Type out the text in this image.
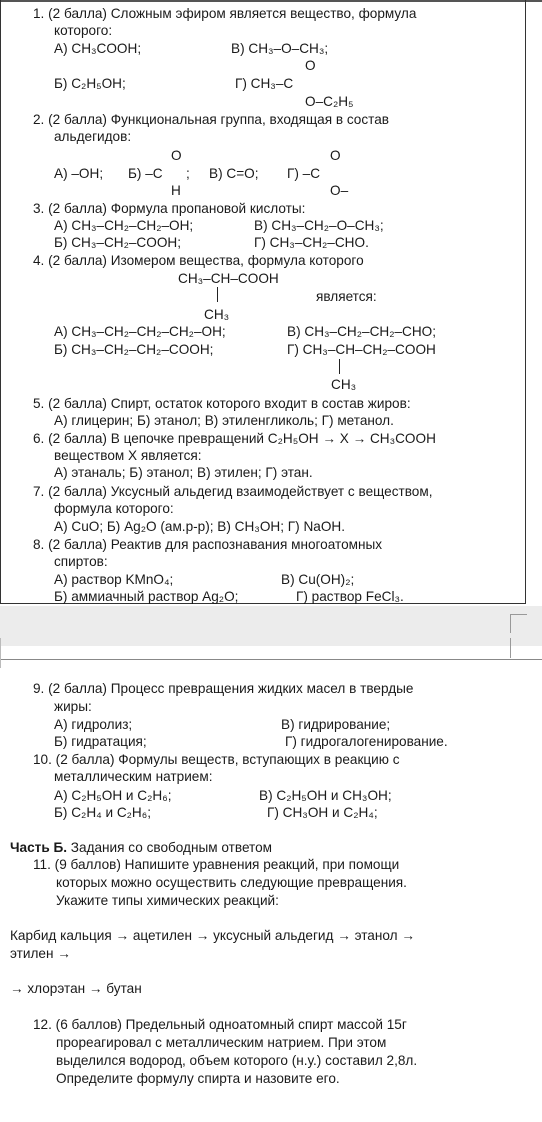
1. (2 балла) Сложным эфиром является вещество, формула
которого:
А) CH₃COOH;	В) CH₃–O–CH₃;
O
Б) C₂H₅OH;	Г) CH₃–C
O–C₂H₅
2. (2 балла) Функциональная группа, входящая в состав
альдегидов:
O	O
А) –OH; Б) –C ; В) C=O; Г) –C
H	O–
3. (2 балла) Формула пропановой кислоты:
А) CH₃–CH₂–CH₂–OH;	В) CH₃–CH₂–O–CH₃;
Б) CH₃–CH₂–COOH;	Г) CH₃–CH₂–CHO.
4. (2 балла) Изомером вещества, формула которого
CH₃–CH–COOH
является:
CH₃
А) CH₃–CH₂–CH₂–CH₂–OH;	В) CH₃–CH₂–CH₂–CHO;
Б) CH₃–CH₂–CH₂–COOH;	Г) CH₃–CH–CH₂–COOH
CH₃
5. (2 балла) Спирт, остаток которого входит в состав жиров:
А) глицерин; Б) этанол; В) этиленгликоль; Г) метанол.
6. (2 балла) В цепочке превращений C₂H₅OH → X → CH₃COOH
веществом X является:
А) этаналь; Б) этанол; В) этилен; Г) этан.
7. (2 балла) Уксусный альдегид взаимодействует с веществом,
формула которого:
А) CuO; Б) Ag₂O (ам.р-р); В) CH₃OH; Г) NaOH.
8. (2 балла) Реактив для распознавания многоатомных
спиртов:
А) раствор KMnO₄;	В) Cu(OH)₂;
Б) аммиачный раствор Ag₂O;	Г) раствор FeCl₃.
9. (2 балла) Процесс превращения жидких масел в твердые
жиры:
А) гидролиз;	В) гидрирование;
Б) гидратация;	Г) гидрогалогенирование.
10. (2 балла) Формулы веществ, вступающих в реакцию с
металлическим натрием:
А) C₂H₅OH и C₂H₆;	В) C₂H₅OH и CH₃OH;
Б) C₂H₄ и C₂H₆;	Г) CH₃OH и C₂H₄;
Часть Б. Задания со свободным ответом
11. (9 баллов) Напишите уравнения реакций, при помощи
которых можно осуществить следующие превращения.
Укажите типы химических реакций:
Карбид кальция → ацетилен → уксусный альдегид → этанол →
этилен →
→ хлорэтан → бутан
12. (6 баллов) Предельный одноатомный спирт массой 15г
прореагировал с металлическим натрием. При этом
выделился водород, объем которого (н.у.) составил 2,8л.
Определите формулу спирта и назовите его.
